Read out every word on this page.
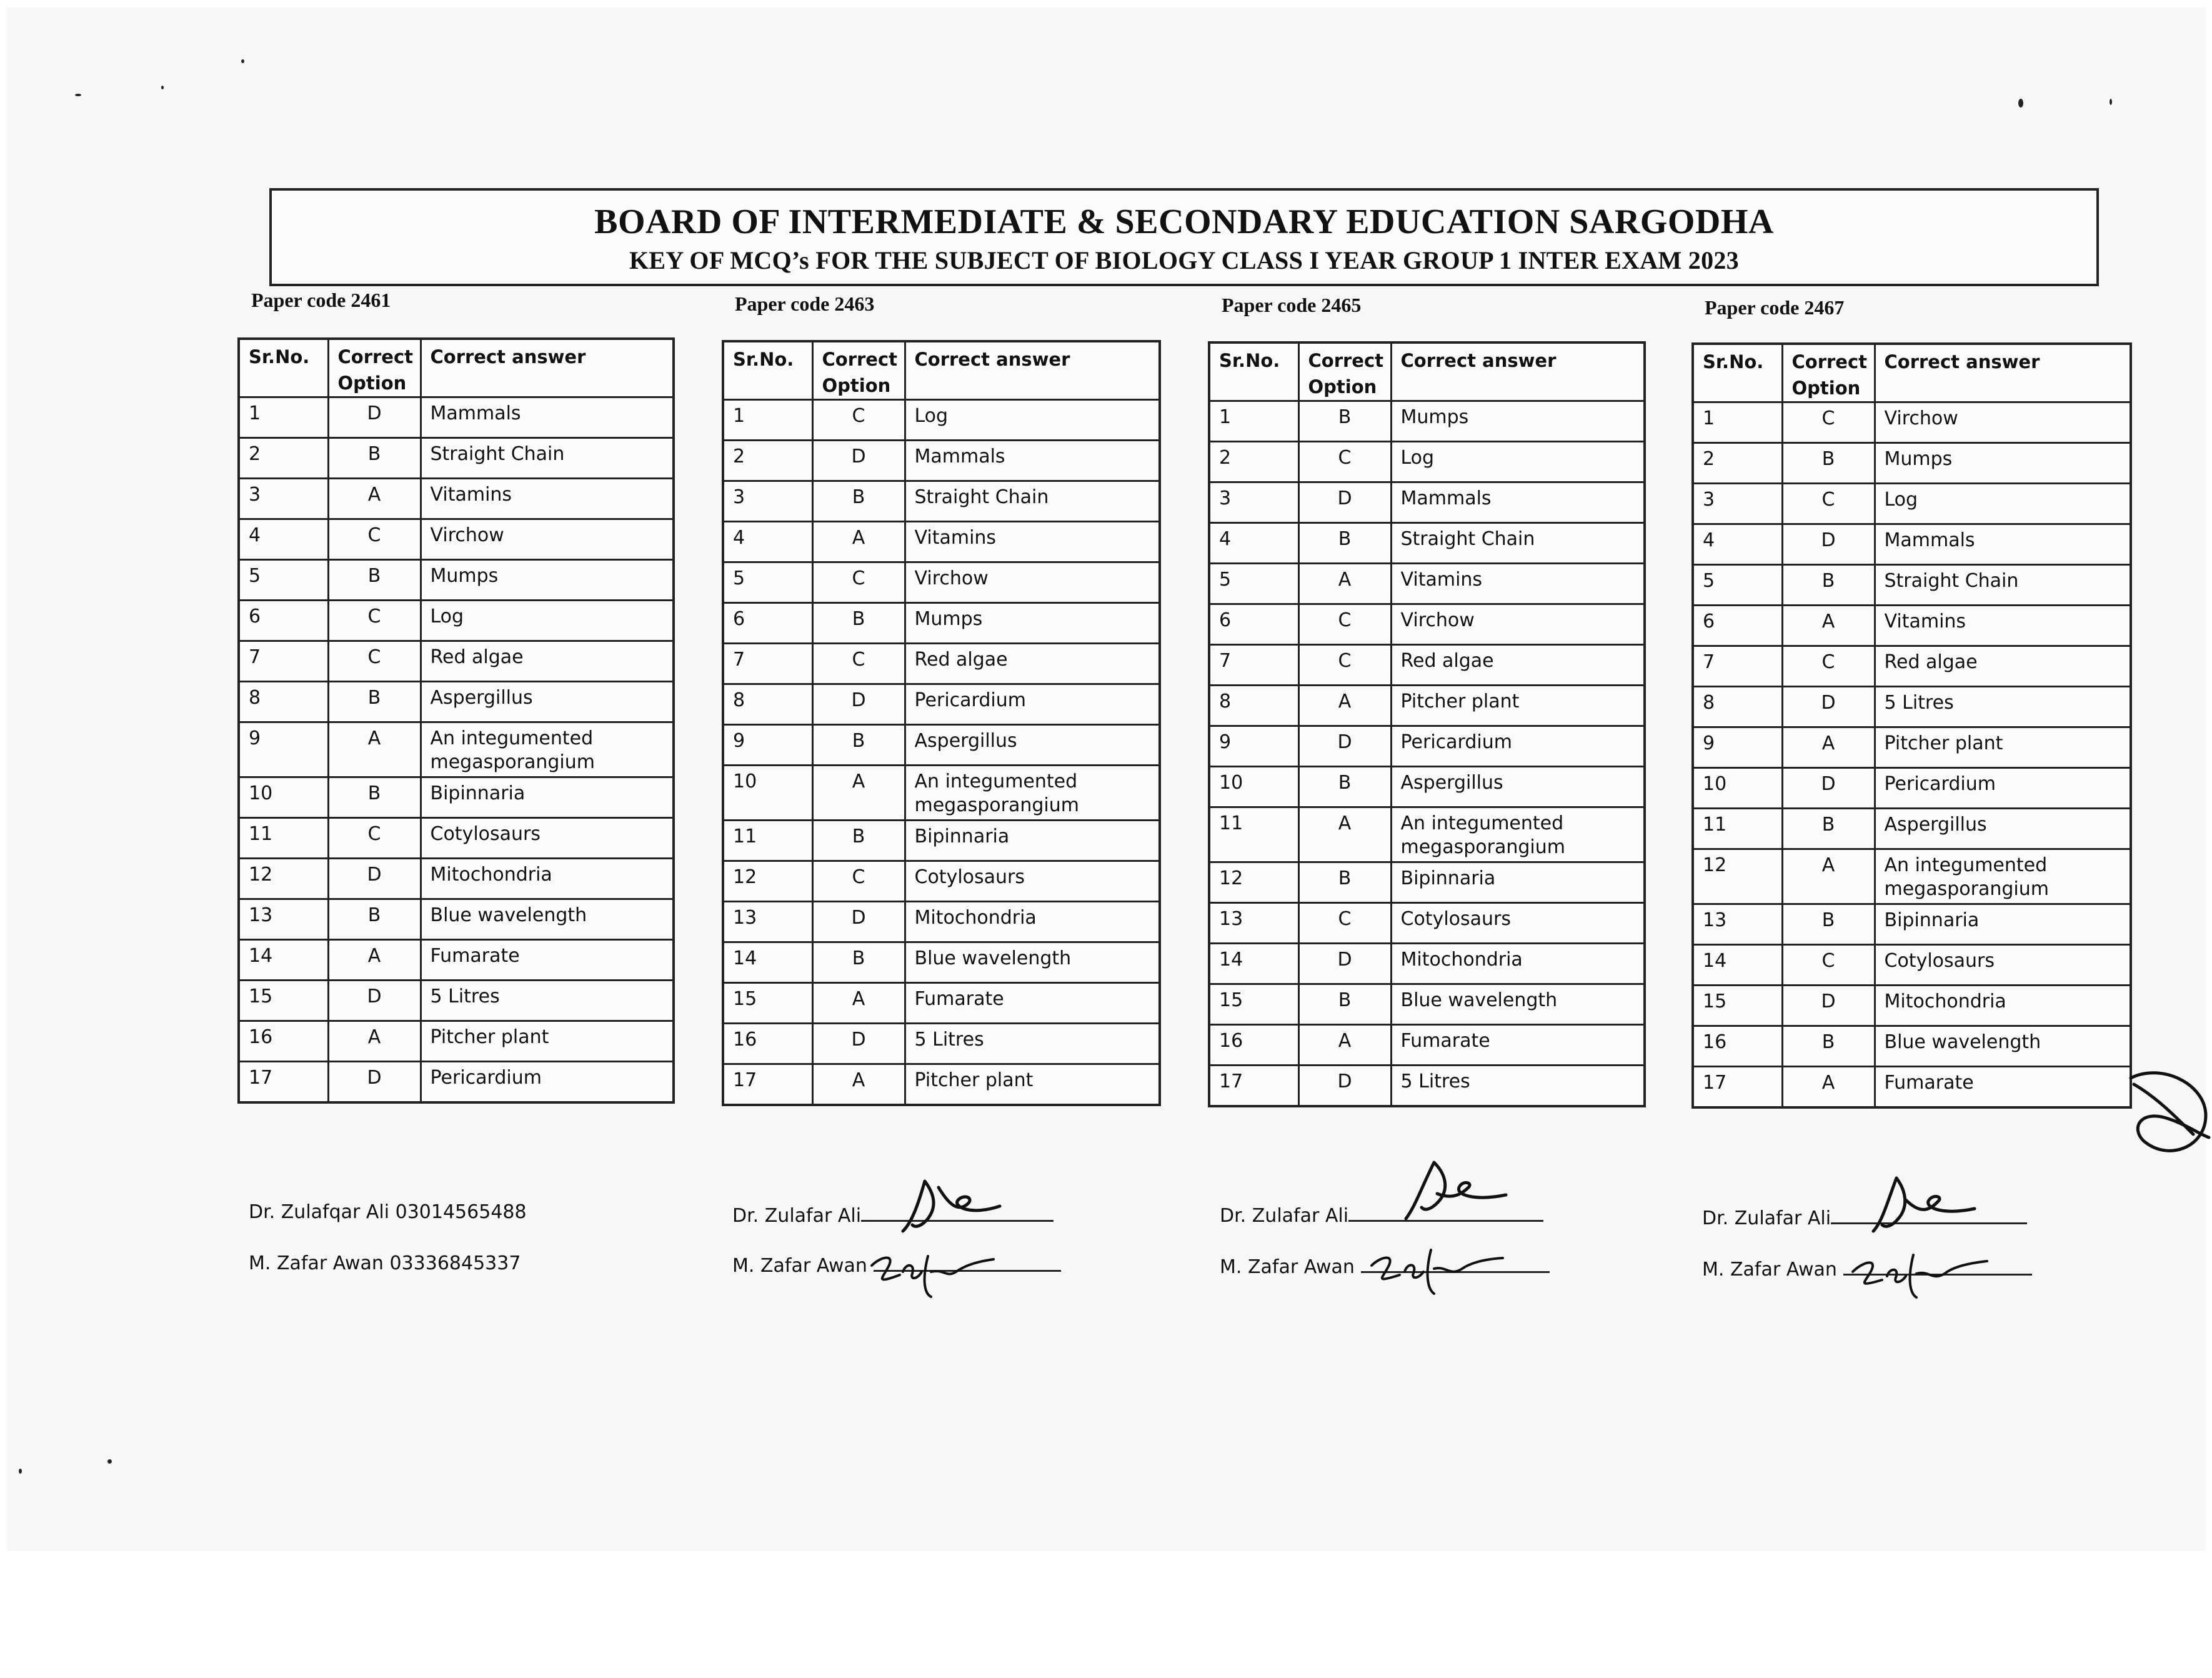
BOARD OF INTERMEDIATE & SECONDARY EDUCATION SARGODHA
KEY OF MCQ’s FOR THE SUBJECT OF BIOLOGY CLASS I YEAR GROUP 1 INTER EXAM 2023
Paper code 2461	Paper code 2463	Paper code 2465	Paper code 2467
Sr.No.	Correct Option	Correct answer
1	D	Mammals
2	B	Straight Chain
3	A	Vitamins
4	C	Virchow
5	B	Mumps
6	C	Log
7	C	Red algae
8	B	Aspergillus
9	A	An integumented megasporangium
10	B	Bipinnaria
11	C	Cotylosaurs
12	D	Mitochondria
13	B	Blue wavelength
14	A	Fumarate
15	D	5 Litres
16	A	Pitcher plant
17	D	Pericardium
Sr.No.	Correct Option	Correct answer
1	C	Log
2	D	Mammals
3	B	Straight Chain
4	A	Vitamins
5	C	Virchow
6	B	Mumps
7	C	Red algae
8	D	Pericardium
9	B	Aspergillus
10	A	An integumented megasporangium
11	B	Bipinnaria
12	C	Cotylosaurs
13	D	Mitochondria
14	B	Blue wavelength
15	A	Fumarate
16	D	5 Litres
17	A	Pitcher plant
Sr.No.	Correct Option	Correct answer
1	B	Mumps
2	C	Log
3	D	Mammals
4	B	Straight Chain
5	A	Vitamins
6	C	Virchow
7	C	Red algae
8	A	Pitcher plant
9	D	Pericardium
10	B	Aspergillus
11	A	An integumented megasporangium
12	B	Bipinnaria
13	C	Cotylosaurs
14	D	Mitochondria
15	B	Blue wavelength
16	A	Fumarate
17	D	5 Litres
Sr.No.	Correct Option	Correct answer
1	C	Virchow
2	B	Mumps
3	C	Log
4	D	Mammals
5	B	Straight Chain
6	A	Vitamins
7	C	Red algae
8	D	5 Litres
9	A	Pitcher plant
10	D	Pericardium
11	B	Aspergillus
12	A	An integumented megasporangium
13	B	Bipinnaria
14	C	Cotylosaurs
15	D	Mitochondria
16	B	Blue wavelength
17	A	Fumarate
Dr. Zulafqar Ali 03014565488
M. Zafar Awan 03336845337
Dr. Zulafar Ali
M. Zafar Awan
Dr. Zulafar Ali
M. Zafar Awan
Dr. Zulafar Ali
M. Zafar Awan
